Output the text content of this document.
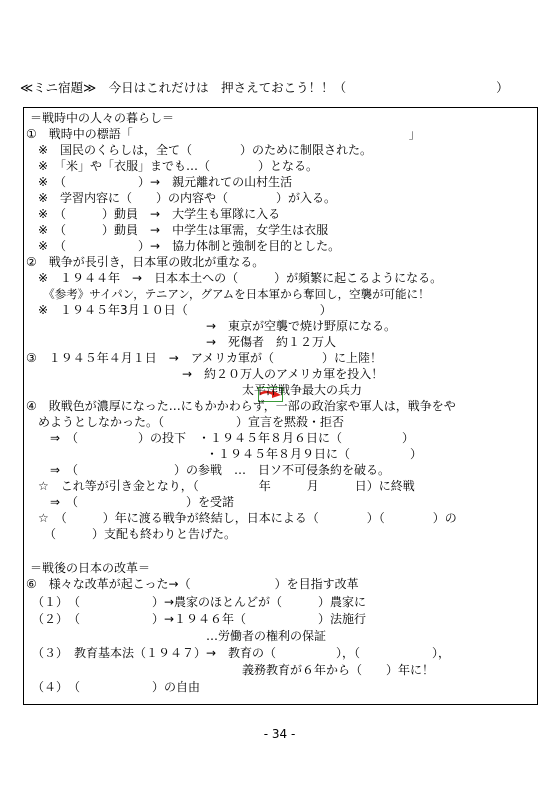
≪ミニ宿題≫　今日はこれだけは　押さえておこう！！（　　　　　　　　　　　　）
＝戦時中の人々の暮らし＝
①　戦時中の標語「　　　　　　　　　　　　　　　　　　　　　　　」
　※　国民のくらしは，全て（　　　　）のために制限された。
　※　「米」や「衣服」までも…（　　　　）となる。
　※　（　　　　　　）→　親元離れての山村生活
　※　学習内容に（　　）の内容や（　　　　）が入る。
　※　（　　　）動員　→　大学生も軍隊に入る
　※　（　　　）動員　→　中学生は軍需，女学生は衣服
　※　（　　　　　　）→　協力体制と強制を目的とした。
②　戦争が長引き，日本軍の敗北が重なる。
　※　１９４４年　→　日本本土への（　　　）が頻繁に起こるようになる。
　　《参考》サイパン，テニアン，グアムを日本軍から奪回し，空襲が可能に！
　※　１９４５年3月１０日（　　　　　　　　　　　）
　　　　　　　　　　　　　　　→　東京が空襲で焼け野原になる。
　　　　　　　　　　　　　　　→　死傷者　約１２万人
③　１９４５年４月１日　→　アメリカ軍が（　　　　）に上陸！
　　　　　　　　　　　　　→　約２０万人のアメリカ軍を投入！
　　　　　　　　　　　　　　　　　　太平洋戦争最大の兵力
④　敗戦色が濃厚になった…にもかかわらず，一部の政治家や軍人は，戦争をや
　めようとしなかった。（　　　　　　）宣言を黙殺・拒否
　　⇒　（　　　　　）の投下　・１９４５年８月６日に（　　　　　）
　　　　　　　　　　　　　　　・１９４５年８月９日に（　　　　　）
　　⇒　（　　　　　　　　）の参戦　…　日ソ不可侵条約を破る。
　☆　これ等が引き金となり，（　　　　　年　　　月　　　日）に終戦
　　⇒　（　　　　　　　　　）を受諾
　☆　（　　　）年に渡る戦争が終結し，日本による（　　　　）（　　　　）の
　　（　　　）支配も終わりと告げた。
＝戦後の日本の改革＝
⑥　様々な改革が起こった→（　　　　　　　）を目指す改革
　（１）　（　　　　　　）→農家のほとんどが（　　　）農家に
　（２）　（　　　　　　）→１９４６年（　　　　　　）法施行
　　　　　　　　　　　　　　　…労働者の権利の保証
　（３）　教育基本法（１９４７）→　教育の（　　　　　），（　　　　　　），
　　　　　　　　　　　　　　　　　　義務教育が６年から（　　）年に！
　（４）　（　　　　　　）の自由
- 34 -
